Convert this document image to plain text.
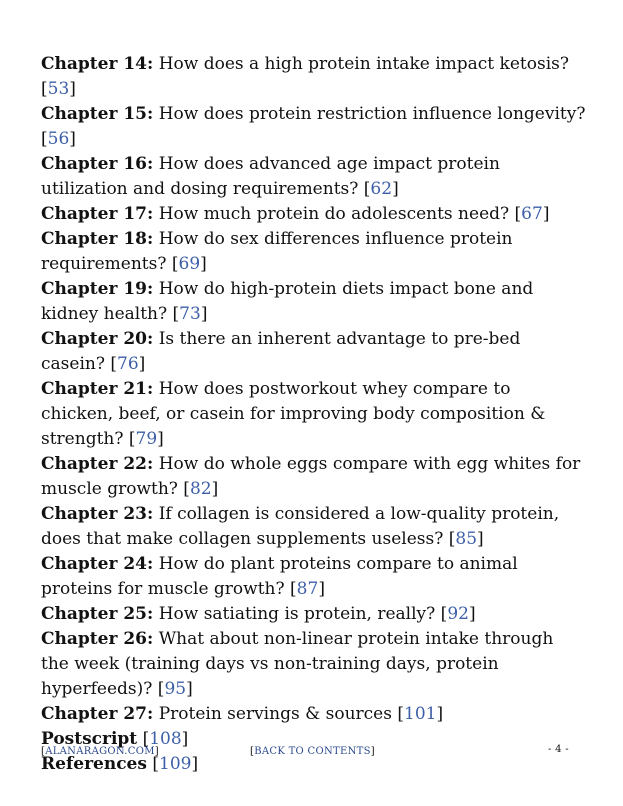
Chapter 14: How does a high protein intake impact ketosis? [53]
Chapter 15: How does protein restriction influence longevity? [56]
Chapter 16: How does advanced age impact protein utilization and dosing requirements? [62]
Chapter 17: How much protein do adolescents need? [67]
Chapter 18: How do sex differences influence protein requirements? [69]
Chapter 19: How do high-protein diets impact bone and kidney health? [73]
Chapter 20: Is there an inherent advantage to pre-bed casein? [76]
Chapter 21: How does postworkout whey compare to chicken, beef, or casein for improving body composition & strength? [79]
Chapter 22: How do whole eggs compare with egg whites for muscle growth? [82]
Chapter 23: If collagen is considered a low-quality protein, does that make collagen supplements useless? [85]
Chapter 24: How do plant proteins compare to animal proteins for muscle growth? [87]
Chapter 25: How satiating is protein, really? [92]
Chapter 26: What about non-linear protein intake through the week (training days vs non-training days, protein hyperfeeds)? [95]
Chapter 27: Protein servings & sources [101]
Postscript [108]
References [109]
[ALANARAGON.COM]	[BACK TO CONTENTS]	- 4 -
